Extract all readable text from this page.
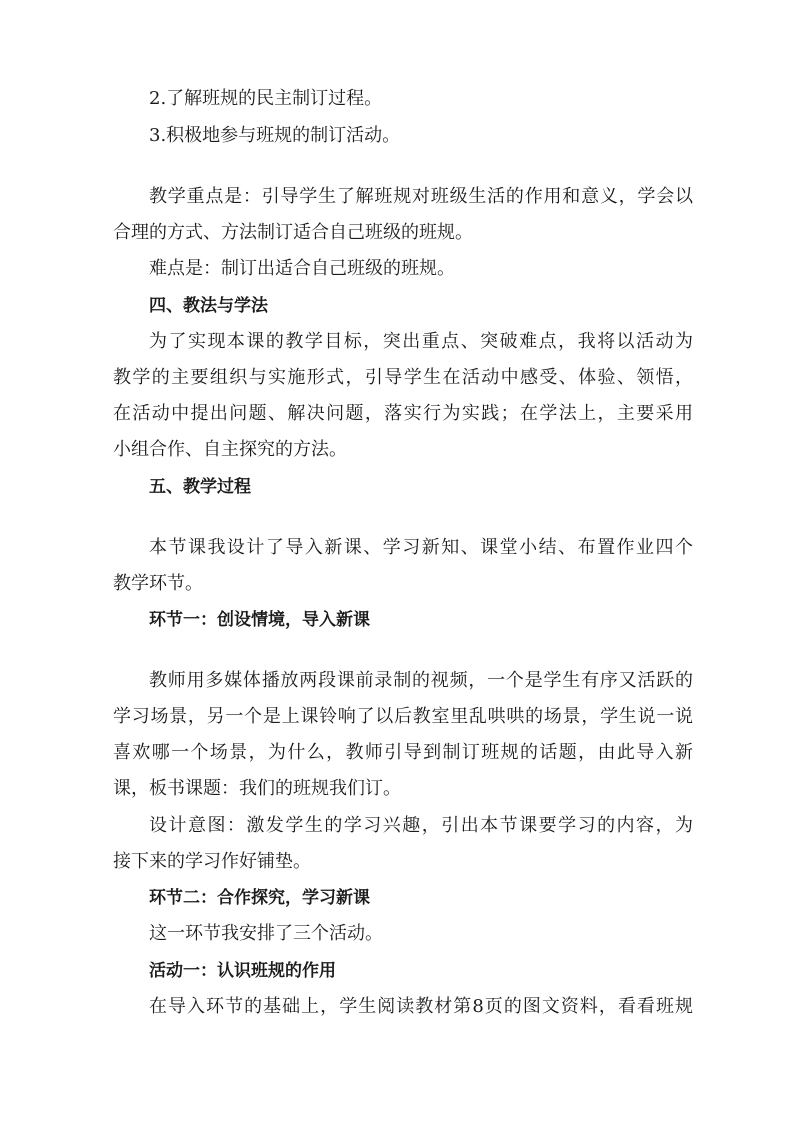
2.了解班规的民主制订过程。
3.积极地参与班规的制订活动。
教学重点是：引导学生了解班规对班级生活的作用和意义，学会以
合理的方式、方法制订适合自己班级的班规。
难点是：制订出适合自己班级的班规。
四、教法与学法
为了实现本课的教学目标，突出重点、突破难点，我将以活动为
教学的主要组织与实施形式，引导学生在活动中感受、体验、领悟，
在活动中提出问题、解决问题，落实行为实践；在学法上，主要采用
小组合作、自主探究的方法。
五、教学过程
本节课我设计了导入新课、学习新知、课堂小结、布置作业四个
教学环节。
环节一：创设情境，导入新课
教师用多媒体播放两段课前录制的视频，一个是学生有序又活跃的
学习场景，另一个是上课铃响了以后教室里乱哄哄的场景，学生说一说
喜欢哪一个场景，为什么，教师引导到制订班规的话题，由此导入新
课，板书课题：我们的班规我们订。
设计意图：激发学生的学习兴趣，引出本节课要学习的内容，为
接下来的学习作好铺垫。
环节二：合作探究，学习新课
这一环节我安排了三个活动。
活动一：认识班规的作用
在导入环节的基础上，学生阅读教材第8页的图文资料，看看班规
